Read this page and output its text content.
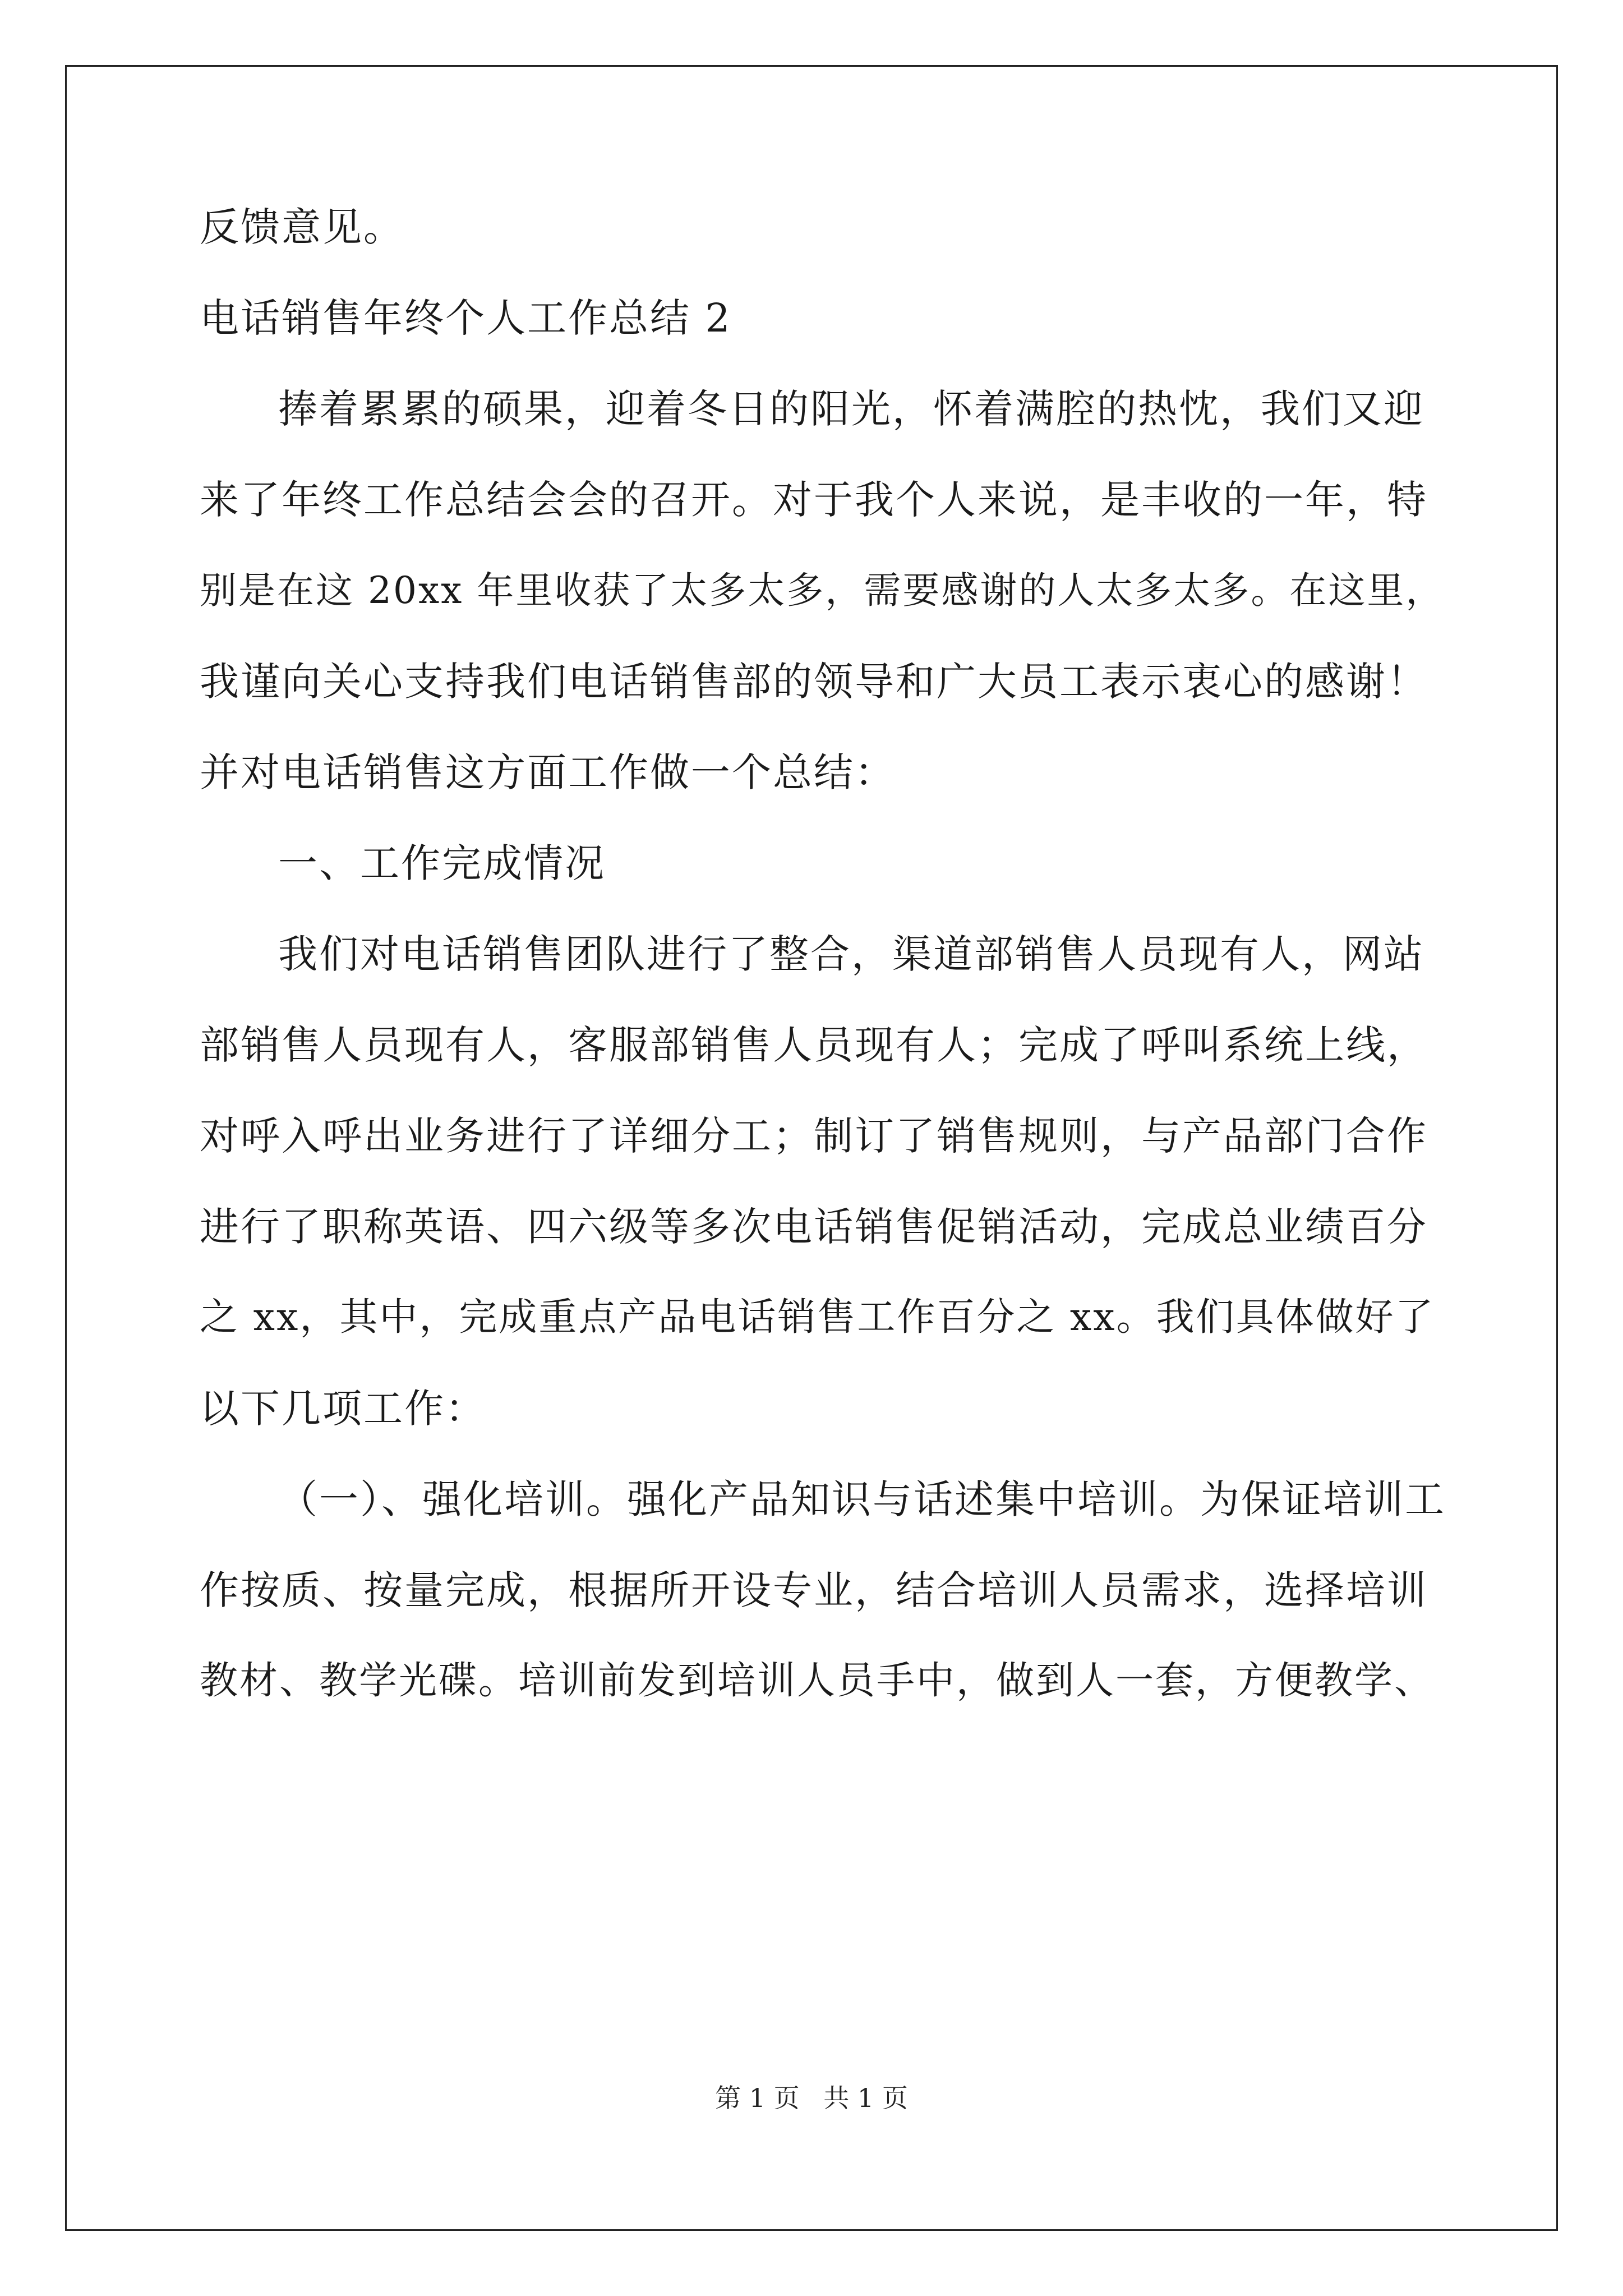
反馈意见。
电话销售年终个人工作总结 2
捧着累累的硕果，迎着冬日的阳光，怀着满腔的热忱，我们又迎
来了年终工作总结会会的召开。对于我个人来说，是丰收的一年，特
别是在这 20xx 年里收获了太多太多，需要感谢的人太多太多。在这里，
我谨向关心支持我们电话销售部的领导和广大员工表示衷心的感谢！
并对电话销售这方面工作做一个总结：
一、工作完成情况
我们对电话销售团队进行了整合，渠道部销售人员现有人，网站
部销售人员现有人，客服部销售人员现有人；完成了呼叫系统上线，
对呼入呼出业务进行了详细分工；制订了销售规则，与产品部门合作
进行了职称英语、四六级等多次电话销售促销活动，完成总业绩百分
之 xx，其中，完成重点产品电话销售工作百分之 xx。我们具体做好了
以下几项工作：
（一）、强化培训。强化产品知识与话述集中培训。为保证培训工
作按质、按量完成，根据所开设专业，结合培训人员需求，选择培训
教材、教学光碟。培训前发到培训人员手中，做到人一套，方便教学、
第 1 页 共 1 页
